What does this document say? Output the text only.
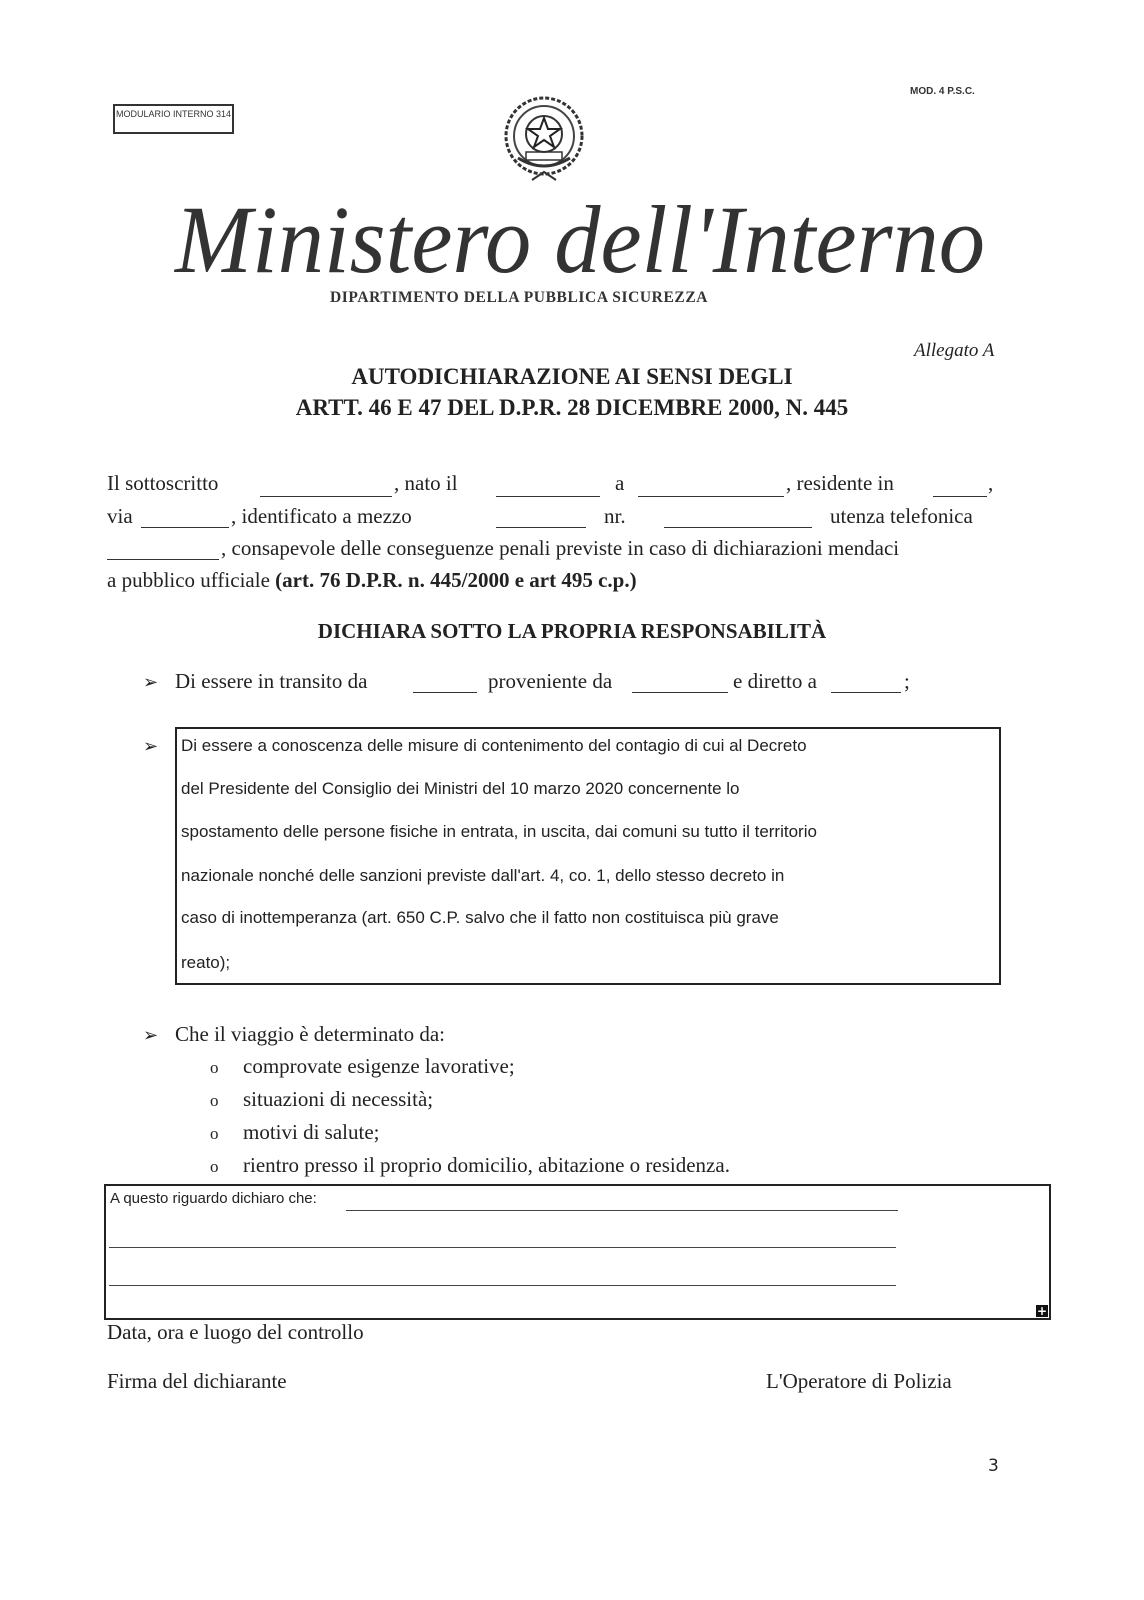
MODULARIO INTERNO 314
MOD. 4 P.S.C.
Ministero dell'Interno
DIPARTIMENTO DELLA PUBBLICA SICUREZZA
Allegato A
AUTODICHIARAZIONE AI SENSI DEGLI
ARTT. 46 E 47 DEL D.P.R. 28 DICEMBRE 2000, N. 445
Il sottoscritto	, nato il	a	, residente in	,
via	, identificato a mezzo	nr.	utenza telefonica
, consapevole delle conseguenze penali previste in caso di dichiarazioni mendaci
a pubblico ufficiale (art. 76 D.P.R. n. 445/2000 e art 495 c.p.)
DICHIARA SOTTO LA PROPRIA RESPONSABILITÀ
➢ Di essere in transito da	proveniente da	e diretto a	;
➢ Di essere a conoscenza delle misure di contenimento del contagio di cui al Decreto
del Presidente del Consiglio dei Ministri del 10 marzo 2020 concernente lo
spostamento delle persone fisiche in entrata, in uscita, dai comuni su tutto il territorio
nazionale nonché delle sanzioni previste dall'art. 4, co. 1, dello stesso decreto in
caso di inottemperanza (art. 650 C.P. salvo che il fatto non costituisca più grave
reato);
➢ Che il viaggio è determinato da:
o comprovate esigenze lavorative;
o situazioni di necessità;
o motivi di salute;
o rientro presso il proprio domicilio, abitazione o residenza.
A questo riguardo dichiaro che:
+
Data, ora e luogo del controllo
Firma del dichiarante	L'Operatore di Polizia
3
